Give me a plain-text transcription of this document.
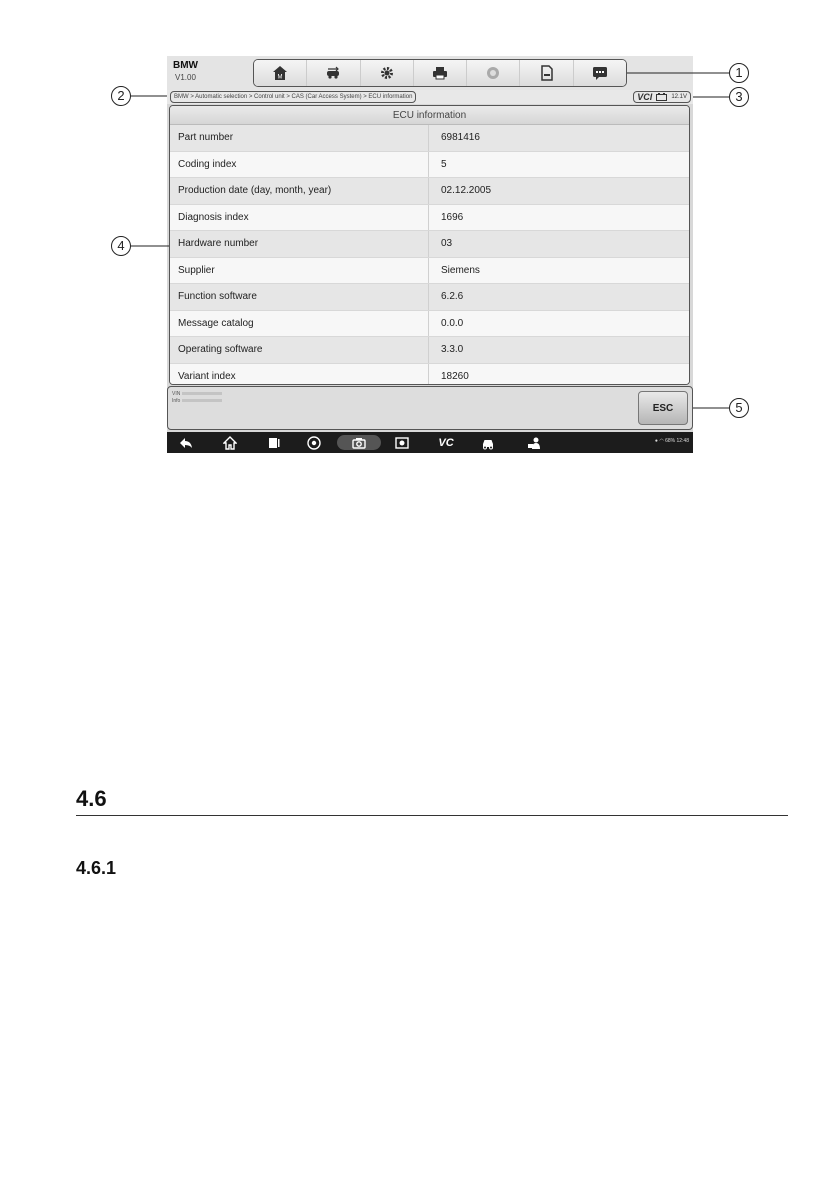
BMW
V1.00	M
BMW > Automatic selection > Control unit > CAS (Car Access System) > ECU information	VCI	12.1V
ECU information
Part number	6981416
Coding index	5
Production date (day, month, year)	02.12.2005
Diagnosis index	1696
Hardware number	03
Supplier	Siemens
Function software	6.2.6
Message catalog	0.0.0
Operating software	3.3.0
Variant index	18260
VIN
Info
ESC
VC	● ◠ 68% 12:48
1
2	3
4
5
4.6
4.6.1
